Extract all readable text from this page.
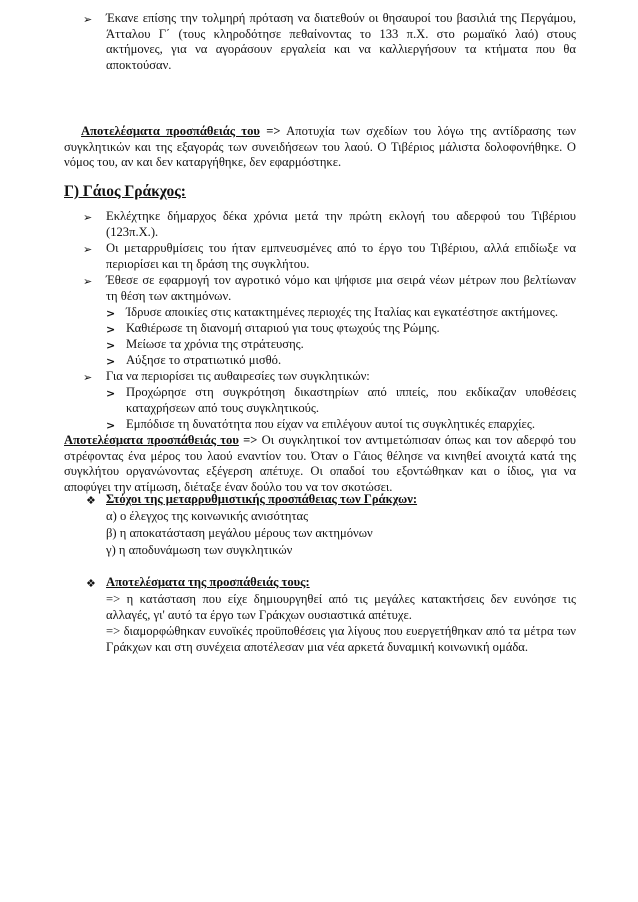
➢ Έκανε επίσης την τολμηρή πρόταση να διατεθούν οι θησαυροί του βασιλιά της Περγάμου, Άτταλου Γ΄ (τους κληροδότησε πεθαίνοντας το 133 π.Χ. στο ρωμαϊκό λαό) στους ακτήμονες, για να αγοράσουν εργαλεία και να καλλιεργήσουν τα κτήματα που θα αποκτούσαν.
Αποτελέσματα προσπάθειάς του => Αποτυχία των σχεδίων του λόγω της αντίδρασης των συγκλητικών και της εξαγοράς των συνειδήσεων του λαού. Ο Τιβέριος μάλιστα δολοφονήθηκε. Ο νόμος του, αν και δεν καταργήθηκε, δεν εφαρμόστηκε.
Γ) Γάιος Γράκχος:
➢ Εκλέχτηκε δήμαρχος δέκα χρόνια μετά την πρώτη εκλογή του αδερφού του Τιβέριου (123π.Χ.).
➢ Οι μεταρρυθμίσεις του ήταν εμπνευσμένες από το έργο του Τιβέριου, αλλά επιδίωξε να περιορίσει και τη δράση της συγκλήτου.
➢ Έθεσε σε εφαρμογή τον αγροτικό νόμο και ψήφισε μια σειρά νέων μέτρων που βελτίωναν τη θέση των ακτημόνων.
> Ίδρυσε αποικίες στις κατακτημένες περιοχές της Ιταλίας και εγκατέστησε ακτήμονες.
> Καθιέρωσε τη διανομή σιταριού για τους φτωχούς της Ρώμης.
> Μείωσε τα χρόνια της στράτευσης.
> Αύξησε το στρατιωτικό μισθό.
➢ Για να περιορίσει τις αυθαιρεσίες των συγκλητικών:
> Προχώρησε στη συγκρότηση δικαστηρίων από ιππείς, που εκδίκαζαν υποθέσεις καταχρήσεων από τους συγκλητικούς.
> Εμπόδισε τη δυνατότητα που είχαν να επιλέγουν αυτοί τις συγκλητικές επαρχίες.
Αποτελέσματα προσπάθειάς του => Οι συγκλητικοί τον αντιμετώπισαν όπως και τον αδερφό του στρέφοντας ένα μέρος του λαού εναντίον του. Όταν ο Γάιος θέλησε να κινηθεί ανοιχτά κατά της συγκλήτου οργανώνοντας εξέγερση απέτυχε. Οι οπαδοί του εξοντώθηκαν και ο ίδιος, για να αποφύγει την ατίμωση, διέταξε έναν δούλο του να τον σκοτώσει.
❖ Στόχοι της μεταρρυθμιστικής προσπάθειας των Γράκχων:
α) ο έλεγχος της κοινωνικής ανισότητας
β) η αποκατάσταση μεγάλου μέρους των ακτημόνων
γ) η αποδυνάμωση των συγκλητικών
❖ Αποτελέσματα της προσπάθειάς τους:
=> η κατάσταση που είχε δημιουργηθεί από τις μεγάλες κατακτήσεις δεν ευνόησε τις αλλαγές, γι' αυτό τα έργο των Γράκχων ουσιαστικά απέτυχε.
=> διαμορφώθηκαν ευνοϊκές προϋποθέσεις για λίγους που ευεργετήθηκαν από τα μέτρα των Γράκχων και στη συνέχεια αποτέλεσαν μια νέα αρκετά δυναμική κοινωνική ομάδα.
